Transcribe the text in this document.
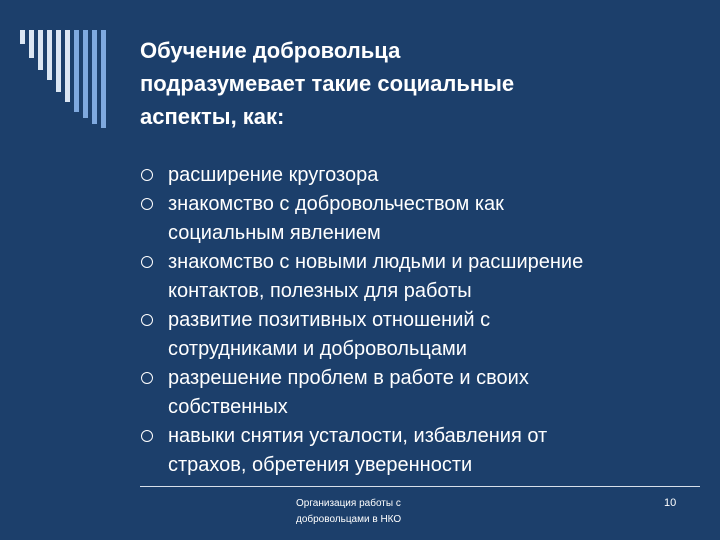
Обучение добровольца
подразумевает такие социальные
аспекты, как:
расширение кругозора
знакомство с добровольчеством как
социальным явлением
знакомство с новыми людьми и расширение
контактов, полезных для работы
развитие позитивных отношений с
сотрудниками и добровольцами
разрешение проблем в работе и своих
собственных
навыки снятия усталости, избавления от
страхов, обретения уверенности
Организация работы с
добровольцами в НКО
10
